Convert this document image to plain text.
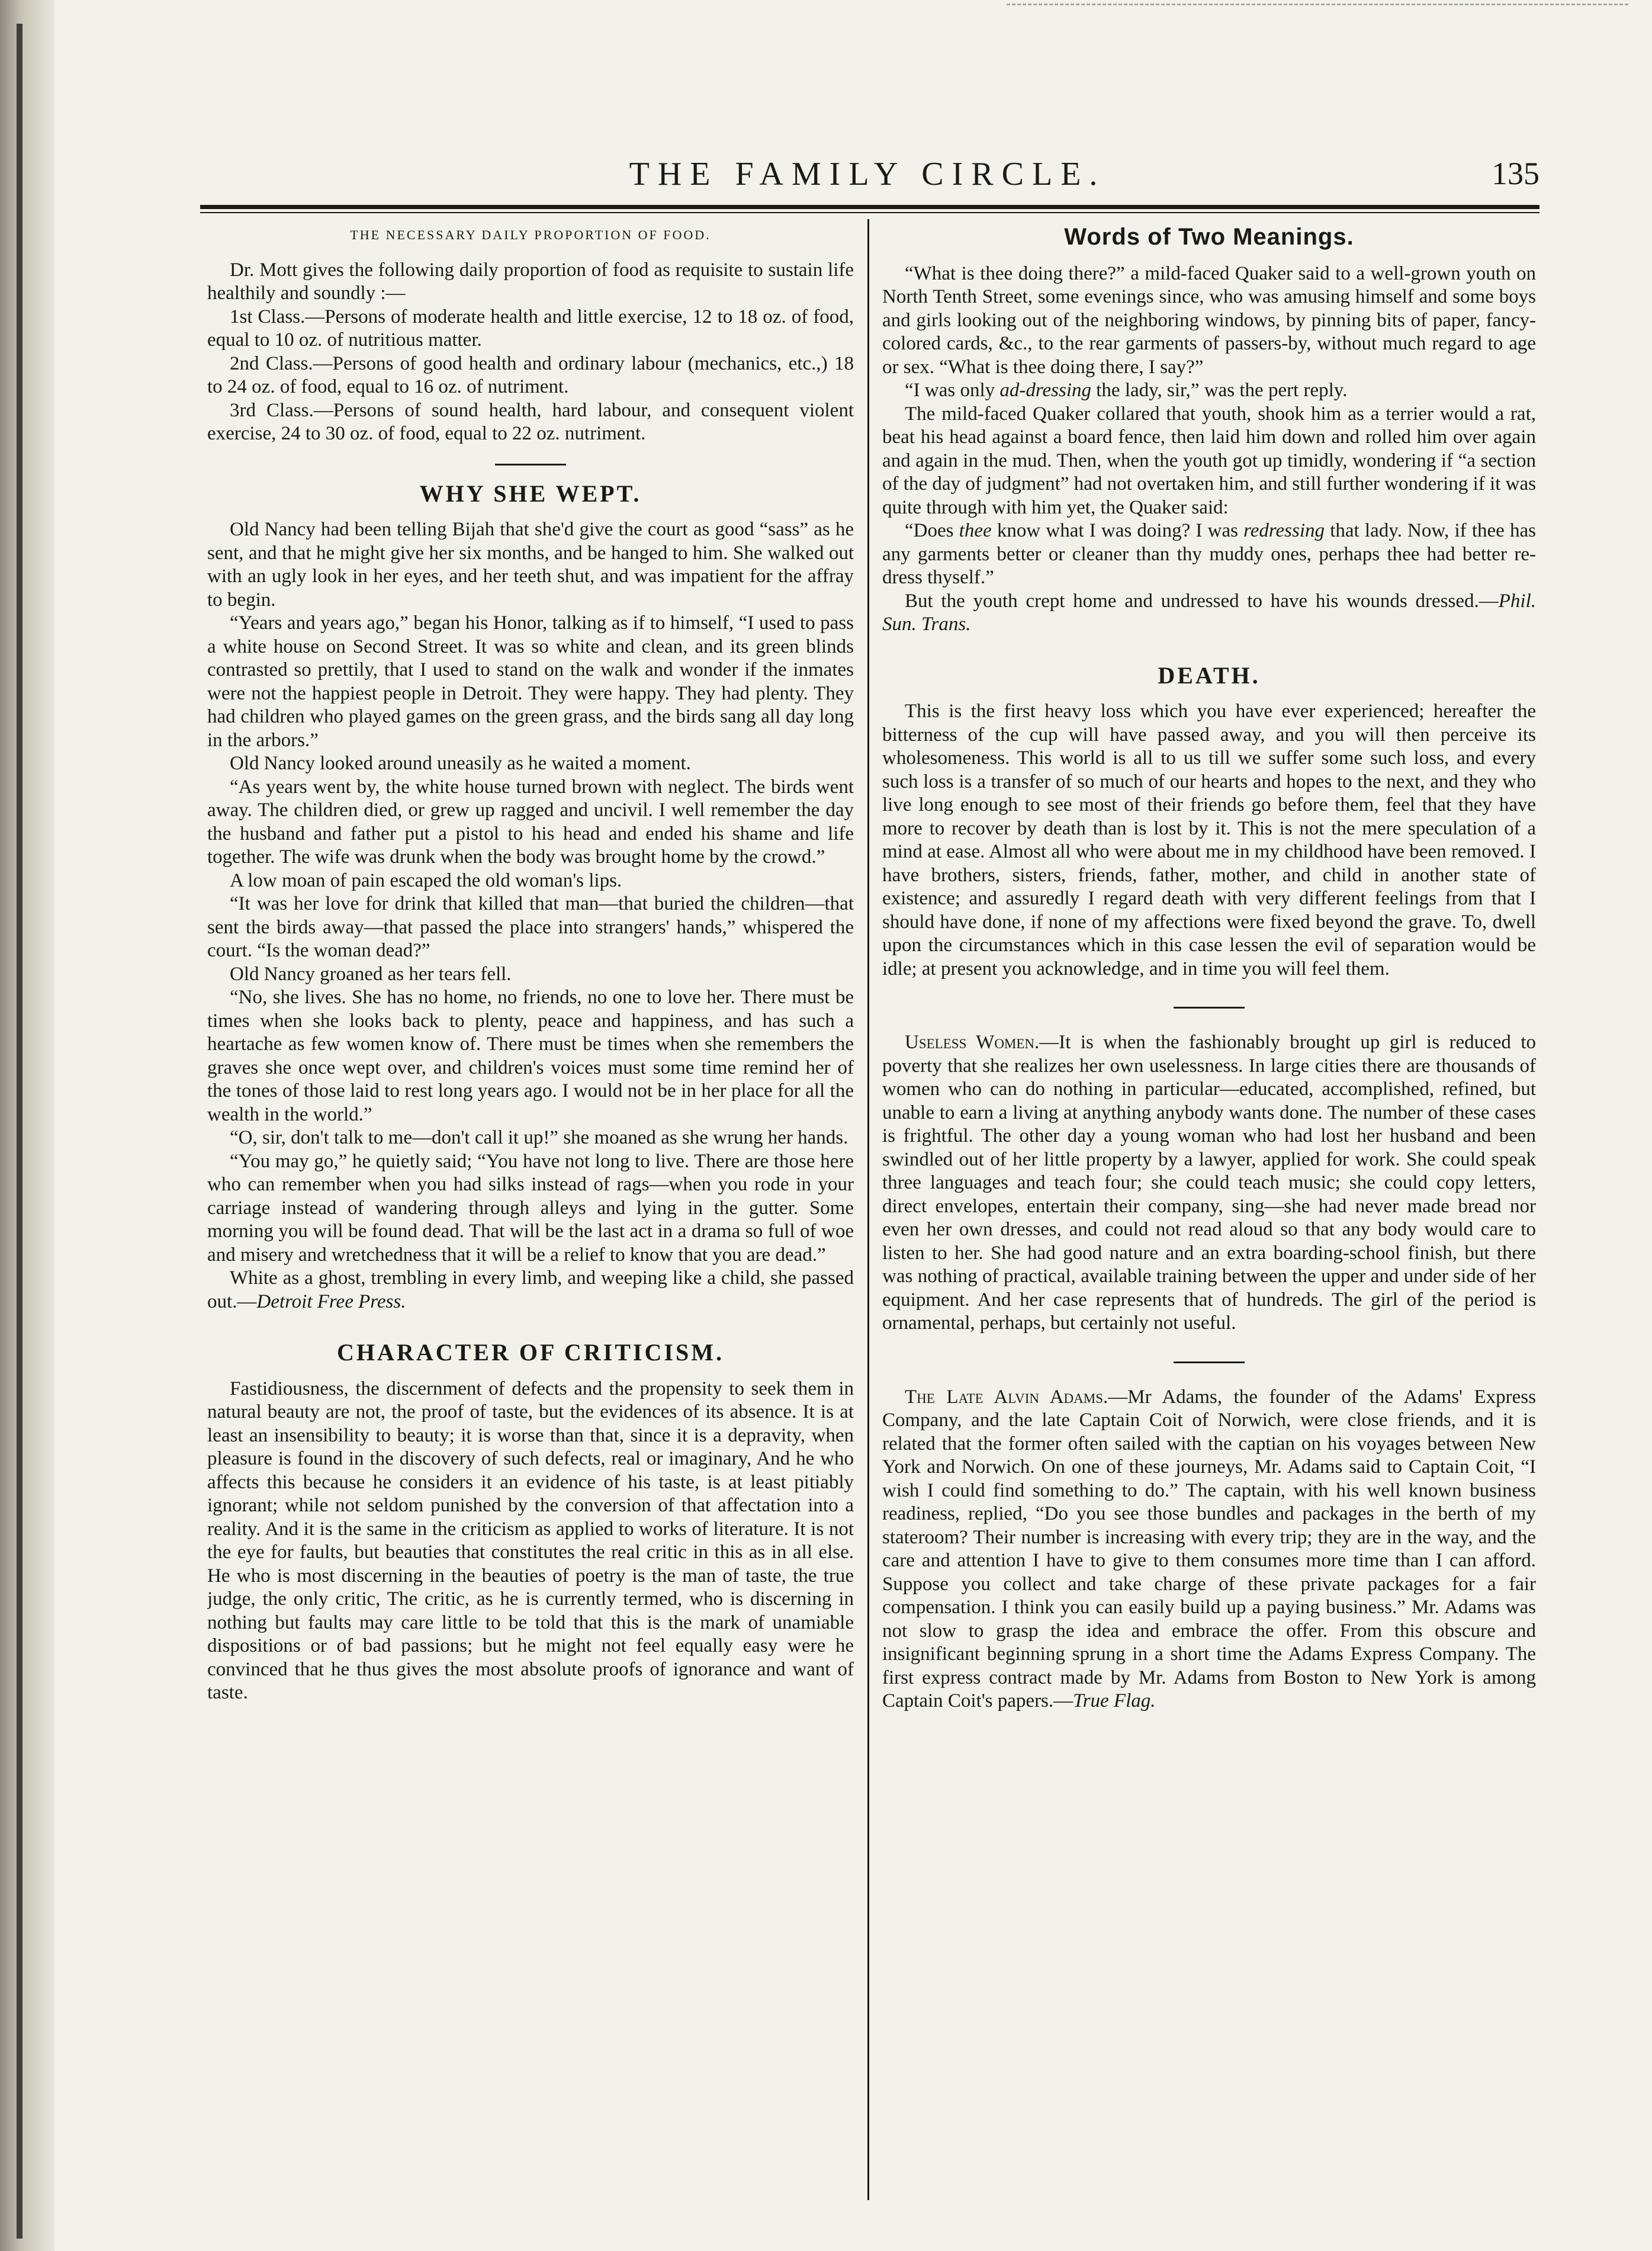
THE FAMILY CIRCLE.	135
THE NECESSARY DAILY PROPORTION OF FOOD.

Dr. Mott gives the following daily proportion of food as requisite to sustain life healthily and soundly :—

1st Class.—Persons of moderate health and little exercise, 12 to 18 oz. of food, equal to 10 oz. of nutritious matter.

2nd Class.—Persons of good health and ordinary labour (mechanics, etc.,) 18 to 24 oz. of food, equal to 16 oz. of nutriment.

3rd Class.—Persons of sound health, hard labour, and consequent violent exercise, 24 to 30 oz. of food, equal to 22 oz. nutriment.

WHY SHE WEPT.

Old Nancy had been telling Bijah that she'd give the court as good “sass” as he sent, and that he might give her six months, and be hanged to him. She walked out with an ugly look in her eyes, and her teeth shut, and was impatient for the affray to begin.

“Years and years ago,” began his Honor, talking as if to himself, “I used to pass a white house on Second Street. It was so white and clean, and its green blinds contrasted so prettily, that I used to stand on the walk and wonder if the inmates were not the happiest people in Detroit. They were happy. They had plenty. They had children who played games on the green grass, and the birds sang all day long in the arbors.”

Old Nancy looked around uneasily as he waited a moment.

“As years went by, the white house turned brown with neglect. The birds went away. The children died, or grew up ragged and uncivil. I well remember the day the husband and father put a pistol to his head and ended his shame and life together. The wife was drunk when the body was brought home by the crowd.”

A low moan of pain escaped the old woman's lips.

“It was her love for drink that killed that man—that buried the children—that sent the birds away—that passed the place into strangers' hands,” whispered the court. “Is the woman dead?”

Old Nancy groaned as her tears fell.

“No, she lives. She has no home, no friends, no one to love her. There must be times when she looks back to plenty, peace and happiness, and has such a heartache as few women know of. There must be times when she remembers the graves she once wept over, and children's voices must some time remind her of the tones of those laid to rest long years ago. I would not be in her place for all the wealth in the world.”

“O, sir, don't talk to me—don't call it up!” she moaned as she wrung her hands.

“You may go,” he quietly said; “You have not long to live. There are those here who can remember when you had silks instead of rags—when you rode in your carriage instead of wandering through alleys and lying in the gutter. Some morning you will be found dead. That will be the last act in a drama so full of woe and misery and wretchedness that it will be a relief to know that you are dead.”

White as a ghost, trembling in every limb, and weeping like a child, she passed out.—Detroit Free Press.

CHARACTER OF CRITICISM.

Fastidiousness, the discernment of defects and the propensity to seek them in natural beauty are not, the proof of taste, but the evidences of its absence. It is at least an insensibility to beauty; it is worse than that, since it is a depravity, when pleasure is found in the discovery of such defects, real or imaginary, And he who affects this because he considers it an evidence of his taste, is at least pitiably ignorant; while not seldom punished by the conversion of that affectation into a reality. And it is the same in the criticism as applied to works of literature. It is not the eye for faults, but beauties that constitutes the real critic in this as in all else. He who is most discerning in the beauties of poetry is the man of taste, the true judge, the only critic, The critic, as he is currently termed, who is discerning in nothing but faults may care little to be told that this is the mark of unamiable dispositions or of bad passions; but he might not feel equally easy were he convinced that he thus gives the most absolute proofs of ignorance and want of taste.

Words of Two Meanings.

“What is thee doing there?” a mild-faced Quaker said to a well-grown youth on North Tenth Street, some evenings since, who was amusing himself and some boys and girls looking out of the neighboring windows, by pinning bits of paper, fancy-colored cards, &c., to the rear garments of passers-by, without much regard to age or sex. “What is thee doing there, I say?”

“I was only ad-dressing the lady, sir,” was the pert reply.

The mild-faced Quaker collared that youth, shook him as a terrier would a rat, beat his head against a board fence, then laid him down and rolled him over again and again in the mud. Then, when the youth got up timidly, wondering if “a section of the day of judgment” had not overtaken him, and still further wondering if it was quite through with him yet, the Quaker said:

“Does thee know what I was doing? I was redressing that lady. Now, if thee has any garments better or cleaner than thy muddy ones, perhaps thee had better re-dress thyself.”

But the youth crept home and undressed to have his wounds dressed.—Phil. Sun. Trans.

DEATH.

This is the first heavy loss which you have ever experienced; hereafter the bitterness of the cup will have passed away, and you will then perceive its wholesomeness. This world is all to us till we suffer some such loss, and every such loss is a transfer of so much of our hearts and hopes to the next, and they who live long enough to see most of their friends go before them, feel that they have more to recover by death than is lost by it. This is not the mere speculation of a mind at ease. Almost all who were about me in my childhood have been removed. I have brothers, sisters, friends, father, mother, and child in another state of existence; and assuredly I regard death with very different feelings from that I should have done, if none of my affections were fixed beyond the grave. To, dwell upon the circumstances which in this case lessen the evil of separation would be idle; at present you acknowledge, and in time you will feel them.

Useless Women.—It is when the fashionably brought up girl is reduced to poverty that she realizes her own uselessness. In large cities there are thousands of women who can do nothing in particular—educated, accomplished, refined, but unable to earn a living at anything anybody wants done. The number of these cases is frightful. The other day a young woman who had lost her husband and been swindled out of her little property by a lawyer, applied for work. She could speak three languages and teach four; she could teach music; she could copy letters, direct envelopes, entertain their company, sing—she had never made bread nor even her own dresses, and could not read aloud so that any body would care to listen to her. She had good nature and an extra boarding-school finish, but there was nothing of practical, available training between the upper and under side of her equipment. And her case represents that of hundreds. The girl of the period is ornamental, perhaps, but certainly not useful.

The Late Alvin Adams.—Mr Adams, the founder of the Adams' Express Company, and the late Captain Coit of Norwich, were close friends, and it is related that the former often sailed with the captian on his voyages between New York and Norwich. On one of these journeys, Mr. Adams said to Captain Coit, “I wish I could find something to do.” The captain, with his well known business readiness, replied, “Do you see those bundles and packages in the berth of my stateroom? Their number is increasing with every trip; they are in the way, and the care and attention I have to give to them consumes more time than I can afford. Suppose you collect and take charge of these private packages for a fair compensation. I think you can easily build up a paying business.” Mr. Adams was not slow to grasp the idea and embrace the offer. From this obscure and insignificant beginning sprung in a short time the Adams Express Company. The first express contract made by Mr. Adams from Boston to New York is among Captain Coit's papers.—True Flag.
